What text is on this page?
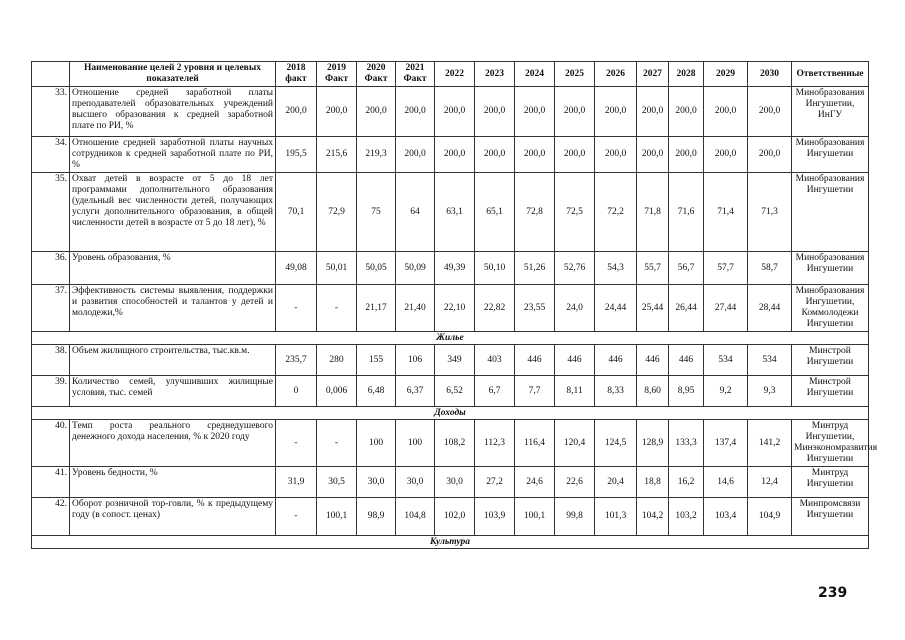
	Наименование целей 2 уровня и целевых показателей	2018 факт	2019 Факт	2020 Факт	2021 Факт	2022	2023	2024	2025	2026	2027	2028	2029	2030	Ответственные
33.	Отношение средней заработной платы преподавателей образовательных учреждений высшего образования к средней заработной плате по РИ, %	200,0	200,0	200,0	200,0	200,0	200,0	200,0	200,0	200,0	200,0	200,0	200,0	200,0	Минобразования Ингушетии, ИнГУ
34.	Отношение средней заработной платы научных сотрудников к средней заработной плате по РИ, %	195,5	215,6	219,3	200,0	200,0	200,0	200,0	200,0	200,0	200,0	200,0	200,0	200,0	Минобразования Ингушетии
35.	Охват детей в возрасте от 5 до 18 лет программами дополнительного образования (удельный вес численности детей, получающих услуги дополнительного образования, в общей численности детей в возрасте от 5 до 18 лет), %	70,1	72,9	75	64	63,1	65,1	72,8	72,5	72,2	71,8	71,6	71,4	71,3	Минобразования Ингушетии
36.	Уровень образования, %	49,08	50,01	50,05	50,09	49,39	50,10	51,26	52,76	54,3	55,7	56,7	57,7	58,7	Минобразования Ингушетии
37.	Эффективность системы выявления, поддержки и развития способностей и талантов у детей и молодежи,%	-	-	21,17	21,40	22,10	22,82	23,55	24,0	24,44	25,44	26,44	27,44	28,44	Минобразования Ингушетии, Коммолодежи Ингушетии
Жилье															
38.	Объем жилищного строительства, тыс.кв.м.	235,7	280	155	106	349	403	446	446	446	446	446	534	534	Минстрой Ингушетии
39.	Количество семей, улучшивших жилищные условия, тыс. семей	0	0,006	6,48	6,37	6,52	6,7	7,7	8,11	8,33	8,60	8,95	9,2	9,3	Минстрой Ингушетии
Доходы															
40.	Темп роста реального среднедушевого денежного дохода населения, % к 2020 году	-	-	100	100	108,2	112,3	116,4	120,4	124,5	128,9	133,3	137,4	141,2	Минтруд Ингушетии, Минэкономразвития Ингушетии
41.	Уровень бедности, %	31,9	30,5	30,0	30,0	30,0	27,2	24,6	22,6	20,4	18,8	16,2	14,6	12,4	Минтруд Ингушетии
42.	Оборот розничной тор-говли, % к предыдущему году (в сопост. ценах)	-	100,1	98,9	104,8	102,0	103,9	100,1	99,8	101,3	104,2	103,2	103,4	104,9	Минпромсвязи Ингушетии
Культура															
239
